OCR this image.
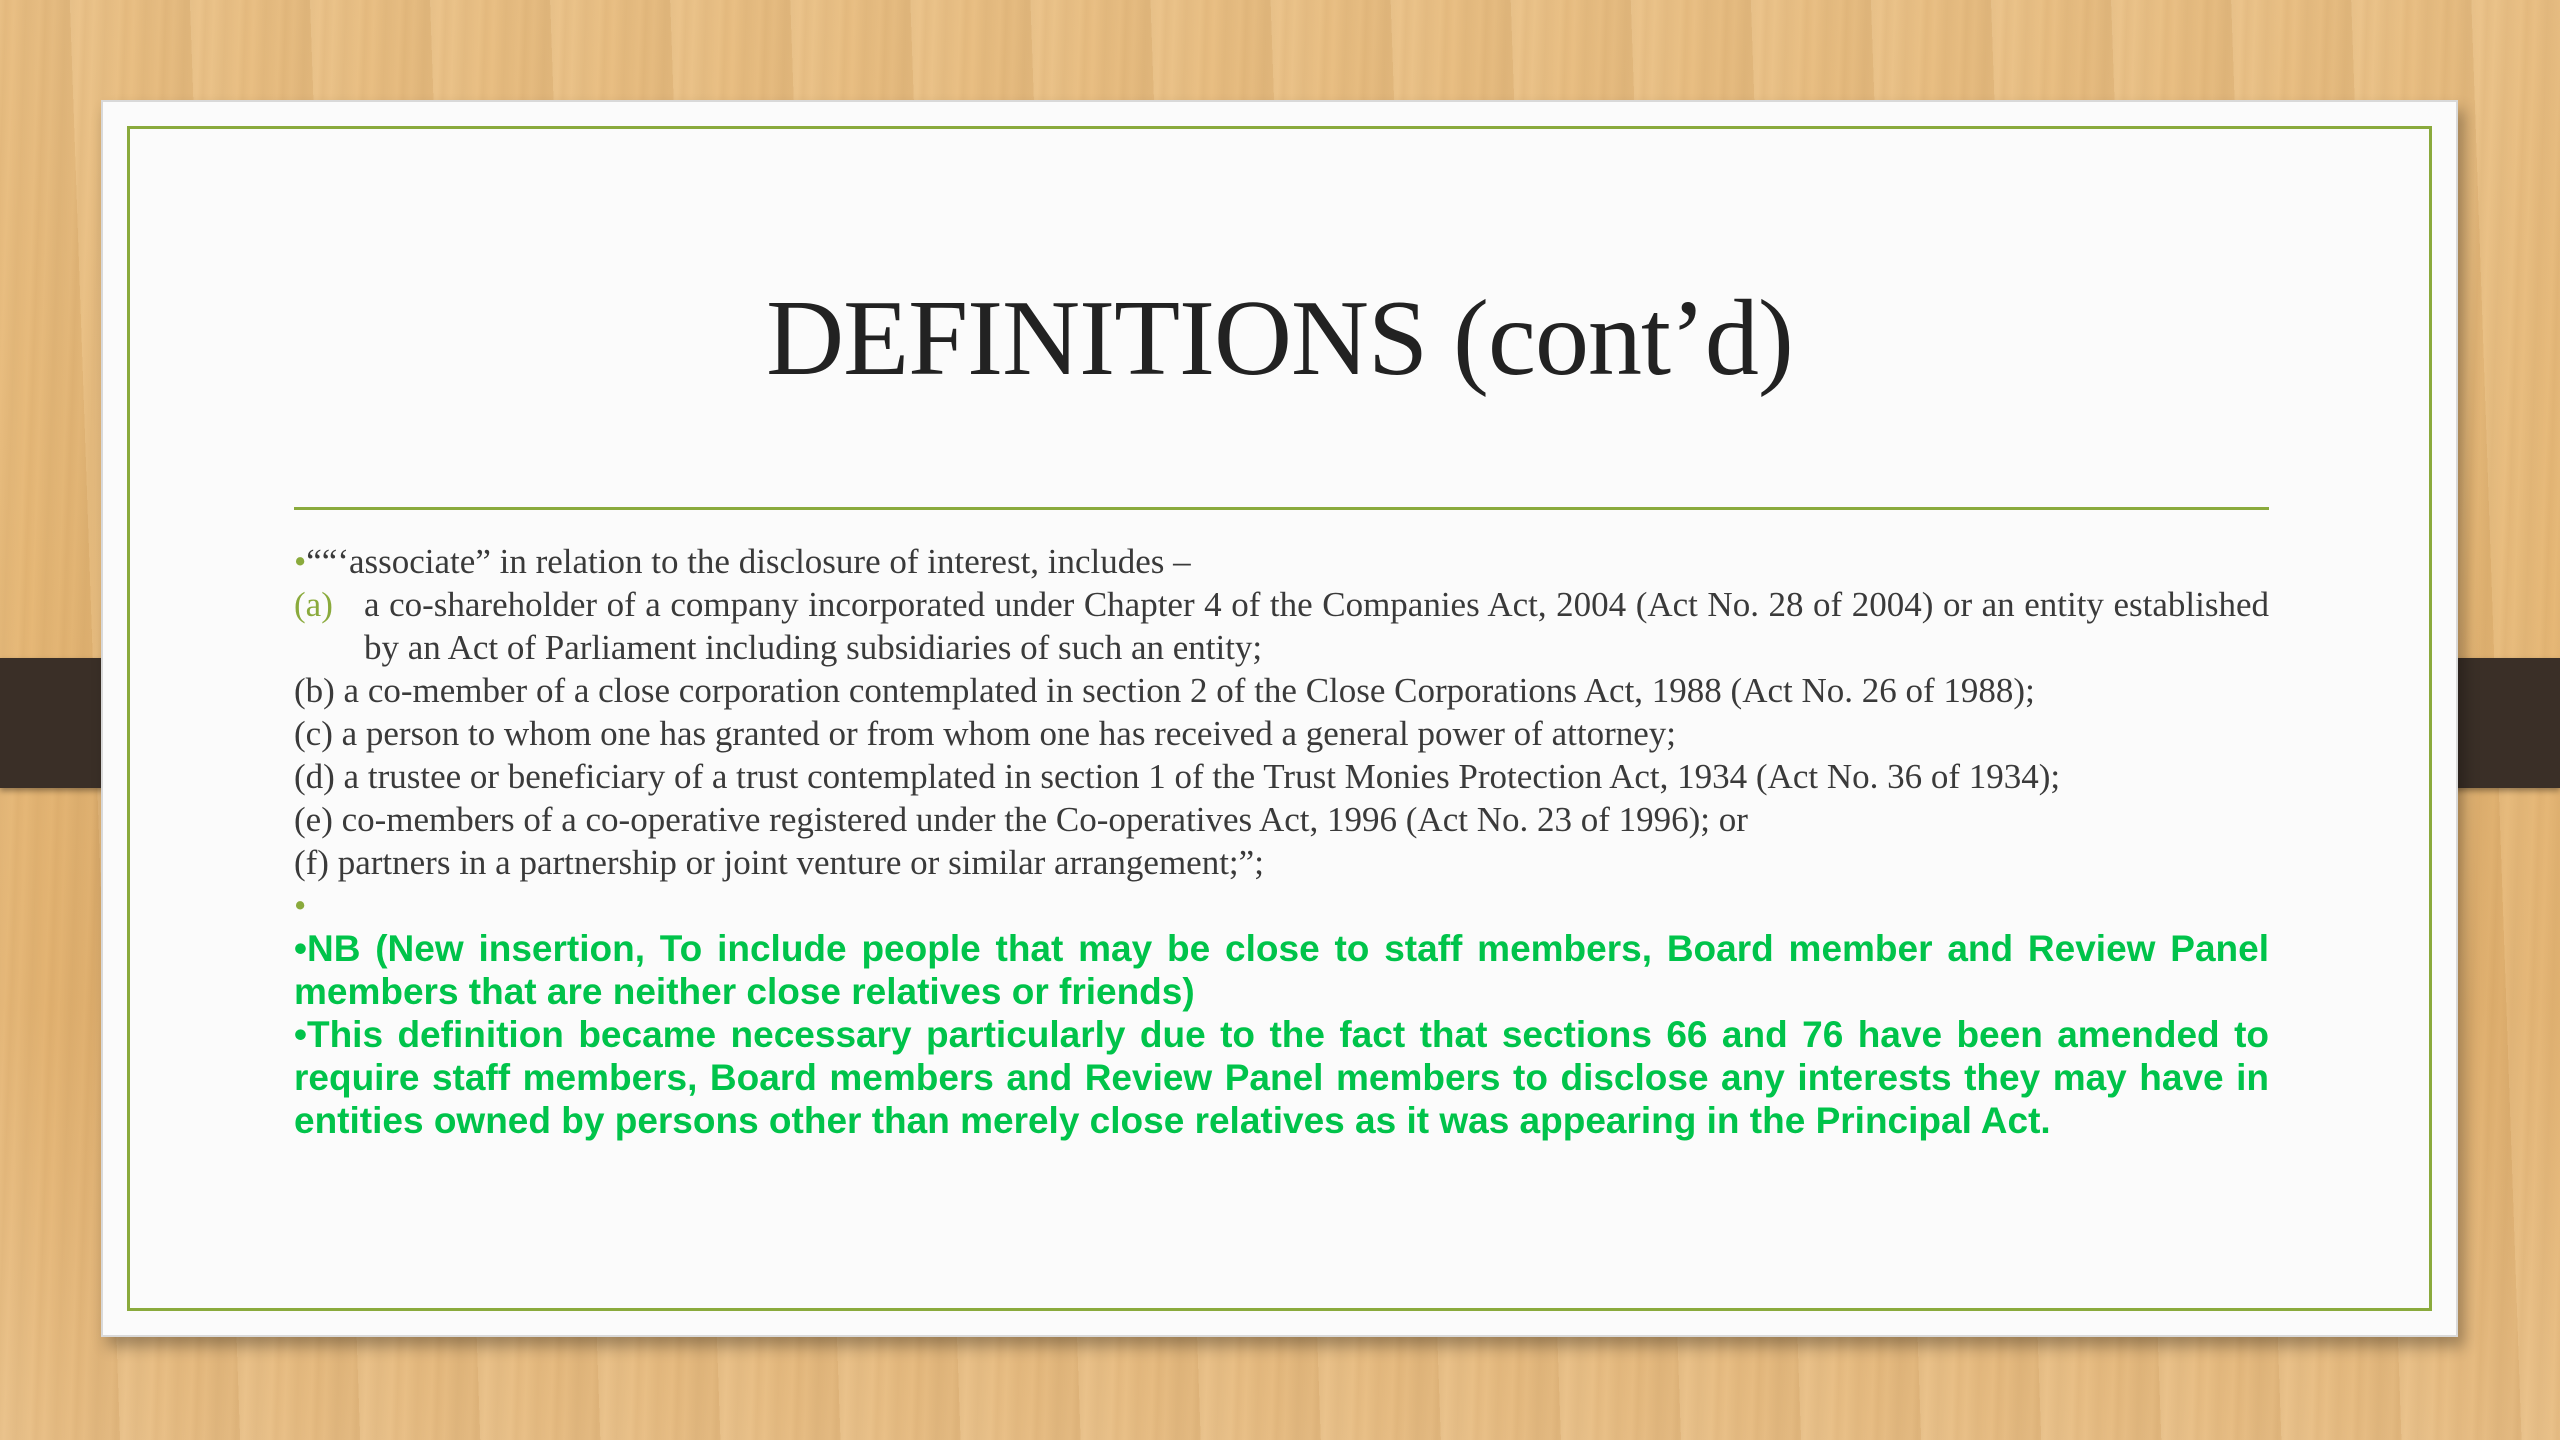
DEFINITIONS (cont’d)

•““‘associate” in relation to the disclosure of interest, includes –

(a) a co-shareholder of a company incorporated under Chapter 4 of the Companies Act, 2004 (Act No. 28 of 2004) or an entity established by an Act of Parliament including subsidiaries of such an entity;

(b) a co-member of a close corporation contemplated in section 2 of the Close Corporations Act, 1988 (Act No. 26 of 1988);

(c) a person to whom one has granted or from whom one has received a general power of attorney;

(d) a trustee or beneficiary of a trust contemplated in section 1 of the Trust Monies Protection Act, 1934 (Act No. 36 of 1934);

(e) co-members of a co-operative registered under the Co-operatives Act, 1996 (Act No. 23 of 1996); or

(f) partners in a partnership or joint venture or similar arrangement;”;

•

•NB (New insertion, To include people that may be close to staff members, Board member and Review Panel members that are neither close relatives or friends)

•This definition became necessary particularly due to the fact that sections 66 and 76 have been amended to require staff members, Board members and Review Panel members to disclose any interests they may have in entities owned by persons other than merely close relatives as it was appearing in the Principal Act.
